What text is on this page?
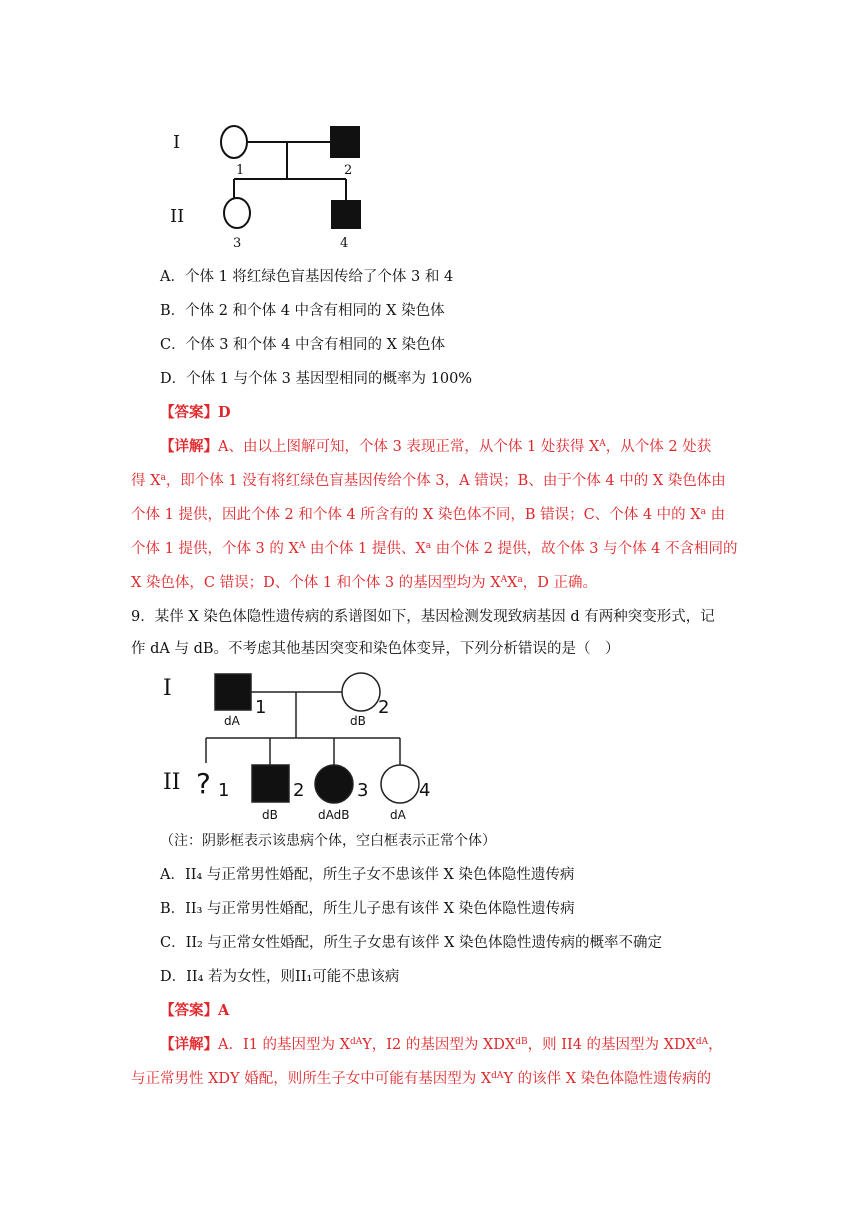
I
II
1	2
3	4
A．个体 1 将红绿色盲基因传给了个体 3 和 4
B．个体 2 和个体 4 中含有相同的 X 染色体
C．个体 3 和个体 4 中含有相同的 X 染色体
D．个体 1 与个体 3 基因型相同的概率为 100%
【答案】D
【详解】A、由以上图解可知，个体 3 表现正常，从个体 1 处获得 $X^A$，从个体 2 处获
得 $X^a$，即个体 1 没有将红绿色盲基因传给个体 3，A 错误；B、由于个体 4 中的 X 染色体由
个体 1 提供，因此个体 2 和个体 4 所含有的 X 染色体不同，B 错误；C、个体 4 中的 $X^a$ 由
个体 1 提供，个体 3 的 $X^A$ 由个体 1 提供、$X^a$ 由个体 2 提供，故个体 3 与个体 4 不含相同的
X 染色体，C 错误；D、个体 1 和个体 3 的基因型均为 $X^AX^a$，D 正确。
9．某伴 X 染色体隐性遗传病的系谱图如下，基因检测发现致病基因 d 有两种突变形式，记
作 dA 与 dB。不考虑其他基因突变和染色体变异，下列分析错误的是（　）
I
II
1
dA
2
dB
? 1	2
dB
3
dAdB
4
dA
（注：阴影框表示该患病个体，空白框表示正常个体）
A．II₄ 与正常男性婚配，所生子女不患该伴 X 染色体隐性遗传病
B．II₃ 与正常男性婚配，所生儿子患有该伴 X 染色体隐性遗传病
C．II₂ 与正常女性婚配，所生子女患有该伴 X 染色体隐性遗传病的概率不确定
D．II₄ 若为女性，则II₁可能不患该病
【答案】A
【详解】A．I1 的基因型为 $X^{dA}Y$，I2 的基因型为 $XDX^{dB}$，则 II4 的基因型为 $XDX^{dA}$，
与正常男性 XDY 婚配，则所生子女中可能有基因型为 $X^{dA}Y$ 的该伴 X 染色体隐性遗传病的
